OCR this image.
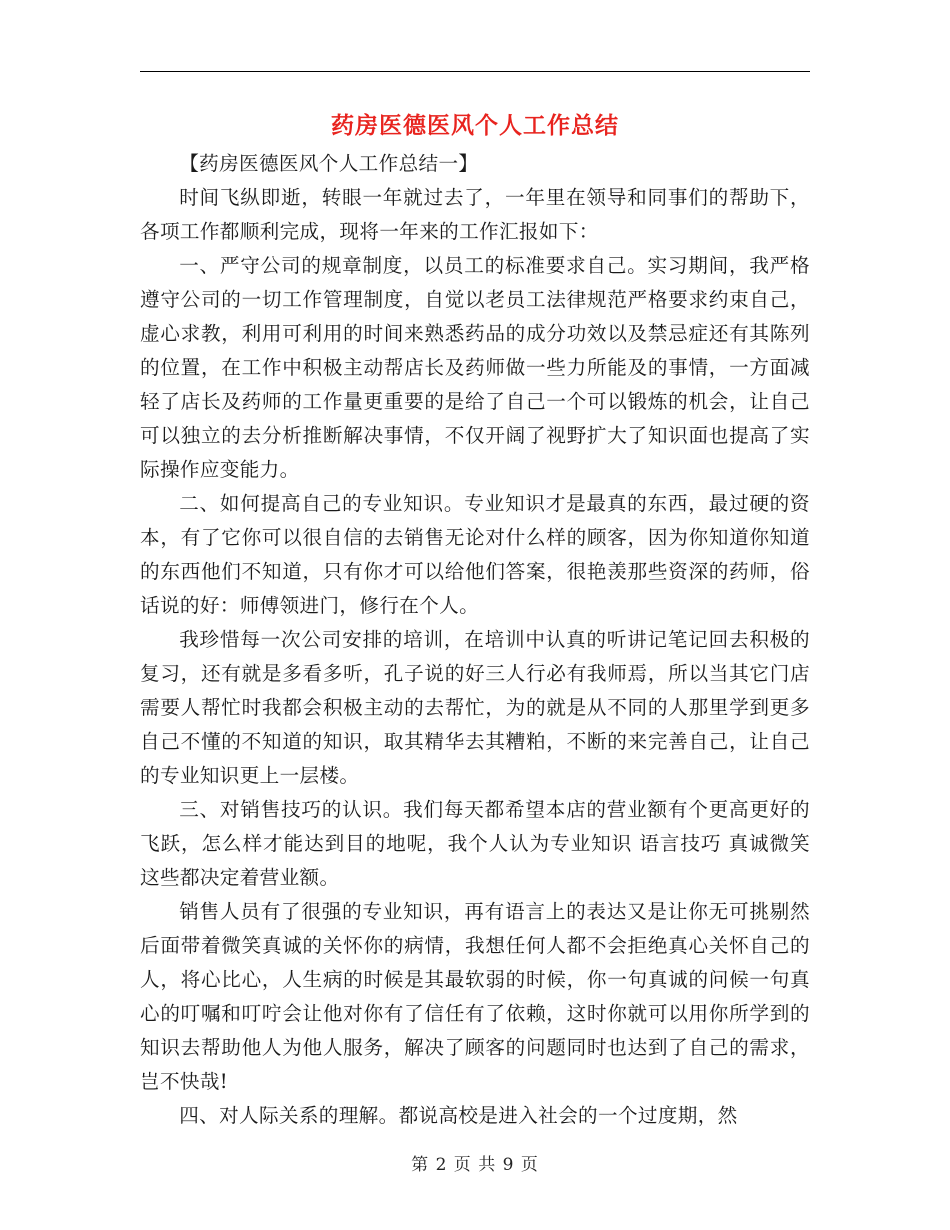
药房医德医风个人工作总结

【药房医德医风个人工作总结一】

时间飞纵即逝，转眼一年就过去了，一年里在领导和同事们的帮助下，各项工作都顺利完成，现将一年来的工作汇报如下：

一、严守公司的规章制度，以员工的标准要求自己。实习期间，我严格遵守公司的一切工作管理制度，自觉以老员工法律规范严格要求约束自己，虚心求教，利用可利用的时间来熟悉药品的成分功效以及禁忌症还有其陈列的位置，在工作中积极主动帮店长及药师做一些力所能及的事情，一方面减轻了店长及药师的工作量更重要的是给了自己一个可以锻炼的机会，让自己可以独立的去分析推断解决事情，不仅开阔了视野扩大了知识面也提高了实际操作应变能力。

二、如何提高自己的专业知识。专业知识才是最真的东西，最过硬的资本，有了它你可以很自信的去销售无论对什么样的顾客，因为你知道你知道的东西他们不知道，只有你才可以给他们答案，很艳羡那些资深的药师，俗话说的好：师傅领进门，修行在个人。

我珍惜每一次公司安排的培训，在培训中认真的听讲记笔记回去积极的复习，还有就是多看多听，孔子说的好三人行必有我师焉，所以当其它门店需要人帮忙时我都会积极主动的去帮忙，为的就是从不同的人那里学到更多自己不懂的不知道的知识，取其精华去其糟粕，不断的来完善自己，让自己的专业知识更上一层楼。

三、对销售技巧的认识。我们每天都希望本店的营业额有个更高更好的飞跃，怎么样才能达到目的地呢，我个人认为专业知识 语言技巧 真诚微笑这些都决定着营业额。

销售人员有了很强的专业知识，再有语言上的表达又是让你无可挑剔然后面带着微笑真诚的关怀你的病情，我想任何人都不会拒绝真心关怀自己的人，将心比心，人生病的时候是其最软弱的时候，你一句真诚的问候一句真心的叮嘱和叮咛会让他对你有了信任有了依赖，这时你就可以用你所学到的知识去帮助他人为他人服务，解决了顾客的问题同时也达到了自己的需求，岂不快哉!

四、对人际关系的理解。都说高校是进入社会的一个过度期，然

第 2 页 共 9 页
